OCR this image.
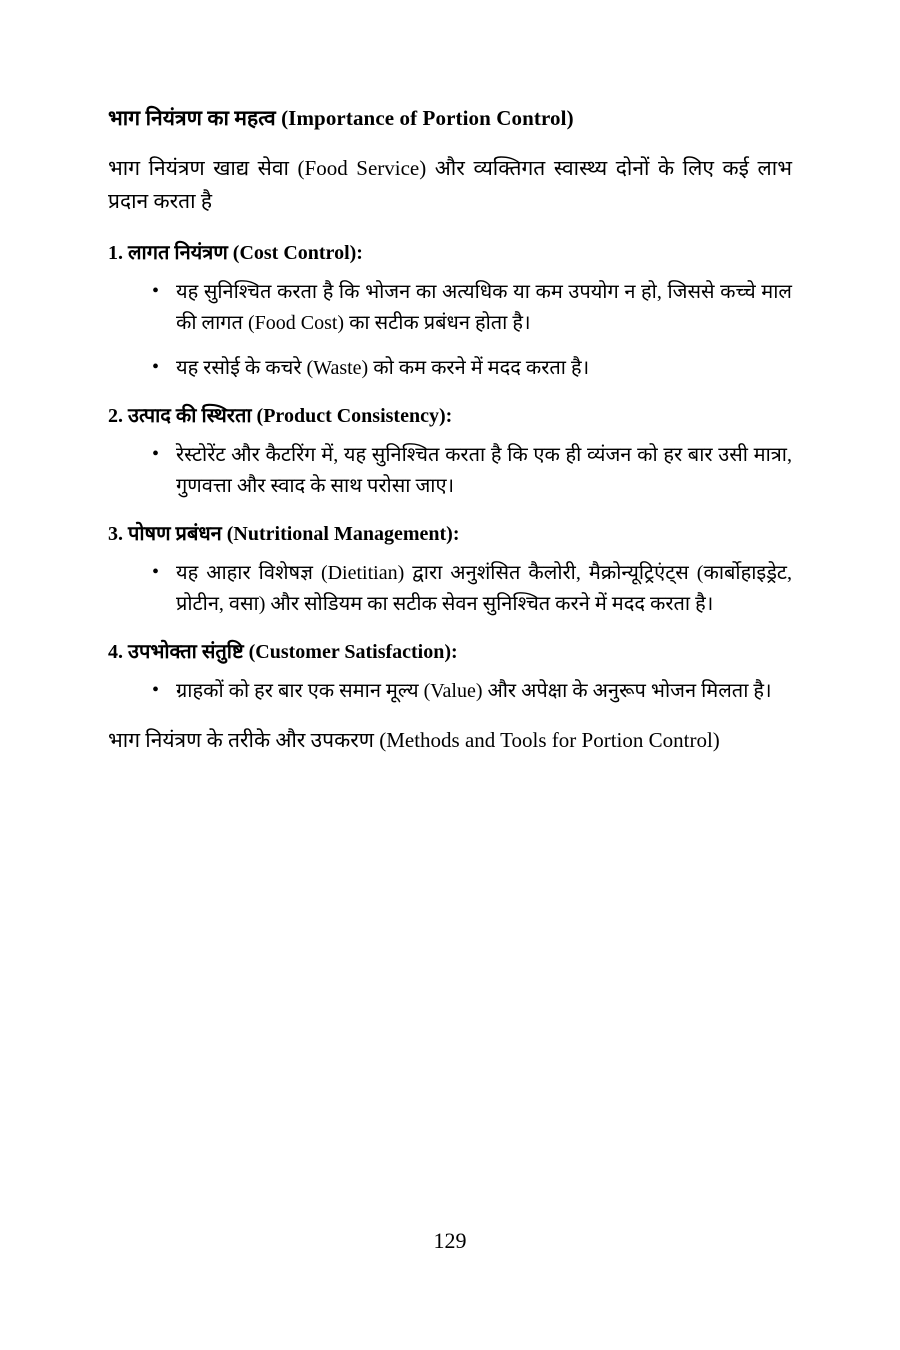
भाग नियंत्रण का महत्व (Importance of Portion Control)

भाग नियंत्रण खाद्य सेवा (Food Service) और व्यक्तिगत स्वास्थ्य दोनों के लिए कई लाभ प्रदान करता है

1. लागत नियंत्रण (Cost Control):
• यह सुनिश्चित करता है कि भोजन का अत्यधिक या कम उपयोग न हो, जिससे कच्चे माल की लागत (Food Cost) का सटीक प्रबंधन होता है।
• यह रसोई के कचरे (Waste) को कम करने में मदद करता है।
2. उत्पाद की स्थिरता (Product Consistency):
• रेस्टोरेंट और कैटरिंग में, यह सुनिश्चित करता है कि एक ही व्यंजन को हर बार उसी मात्रा, गुणवत्ता और स्वाद के साथ परोसा जाए।
3. पोषण प्रबंधन (Nutritional Management):
• यह आहार विशेषज्ञ (Dietitian) द्वारा अनुशंसित कैलोरी, मैक्रोन्यूट्रिएंट्स (कार्बोहाइड्रेट, प्रोटीन, वसा) और सोडियम का सटीक सेवन सुनिश्चित करने में मदद करता है।
4. उपभोक्ता संतुष्टि (Customer Satisfaction):
• ग्राहकों को हर बार एक समान मूल्य (Value) और अपेक्षा के अनुरूप भोजन मिलता है।

भाग नियंत्रण के तरीके और उपकरण (Methods and Tools for Portion Control)

129
